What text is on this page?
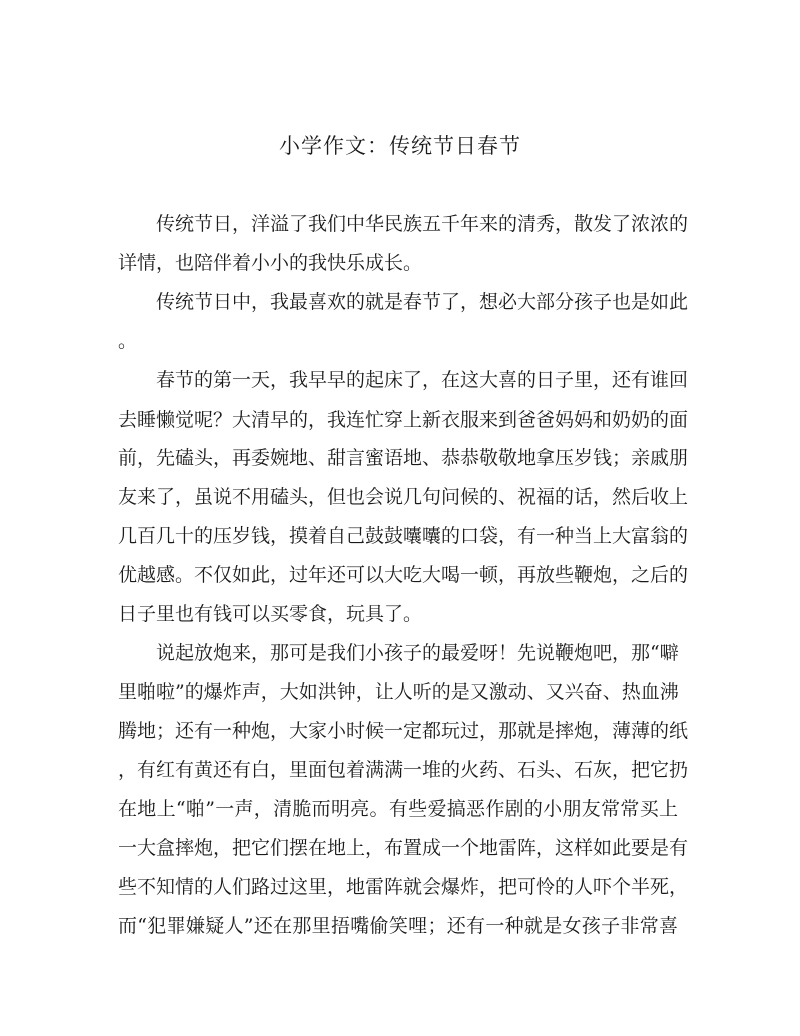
小学作文：传统节日春节

传统节日，洋溢了我们中华民族五千年来的清秀，散发了浓浓的

详情，也陪伴着小小的我快乐成长。

传统节日中，我最喜欢的就是春节了，想必大部分孩子也是如此

。

春节的第一天，我早早的起床了，在这大喜的日子里，还有谁回

去睡懒觉呢？大清早的，我连忙穿上新衣服来到爸爸妈妈和奶奶的面

前，先磕头，再委婉地、甜言蜜语地、恭恭敬敬地拿压岁钱；亲戚朋

友来了，虽说不用磕头，但也会说几句问候的、祝福的话，然后收上

几百几十的压岁钱，摸着自己鼓鼓囔囔的口袋，有一种当上大富翁的

优越感。不仅如此，过年还可以大吃大喝一顿，再放些鞭炮，之后的

日子里也有钱可以买零食，玩具了。

说起放炮来，那可是我们小孩子的最爱呀！先说鞭炮吧，那“噼

里啪啦”的爆炸声，大如洪钟，让人听的是又激动、又兴奋、热血沸

腾地；还有一种炮，大家小时候一定都玩过，那就是摔炮，薄薄的纸

，有红有黄还有白，里面包着满满一堆的火药、石头、石灰，把它扔

在地上“啪”一声，清脆而明亮。有些爱搞恶作剧的小朋友常常买上

一大盒摔炮，把它们摆在地上，布置成一个地雷阵，这样如此要是有

些不知情的人们路过这里，地雷阵就会爆炸，把可怜的人吓个半死，

而“犯罪嫌疑人”还在那里捂嘴偷笑哩；还有一种就是女孩子非常喜
